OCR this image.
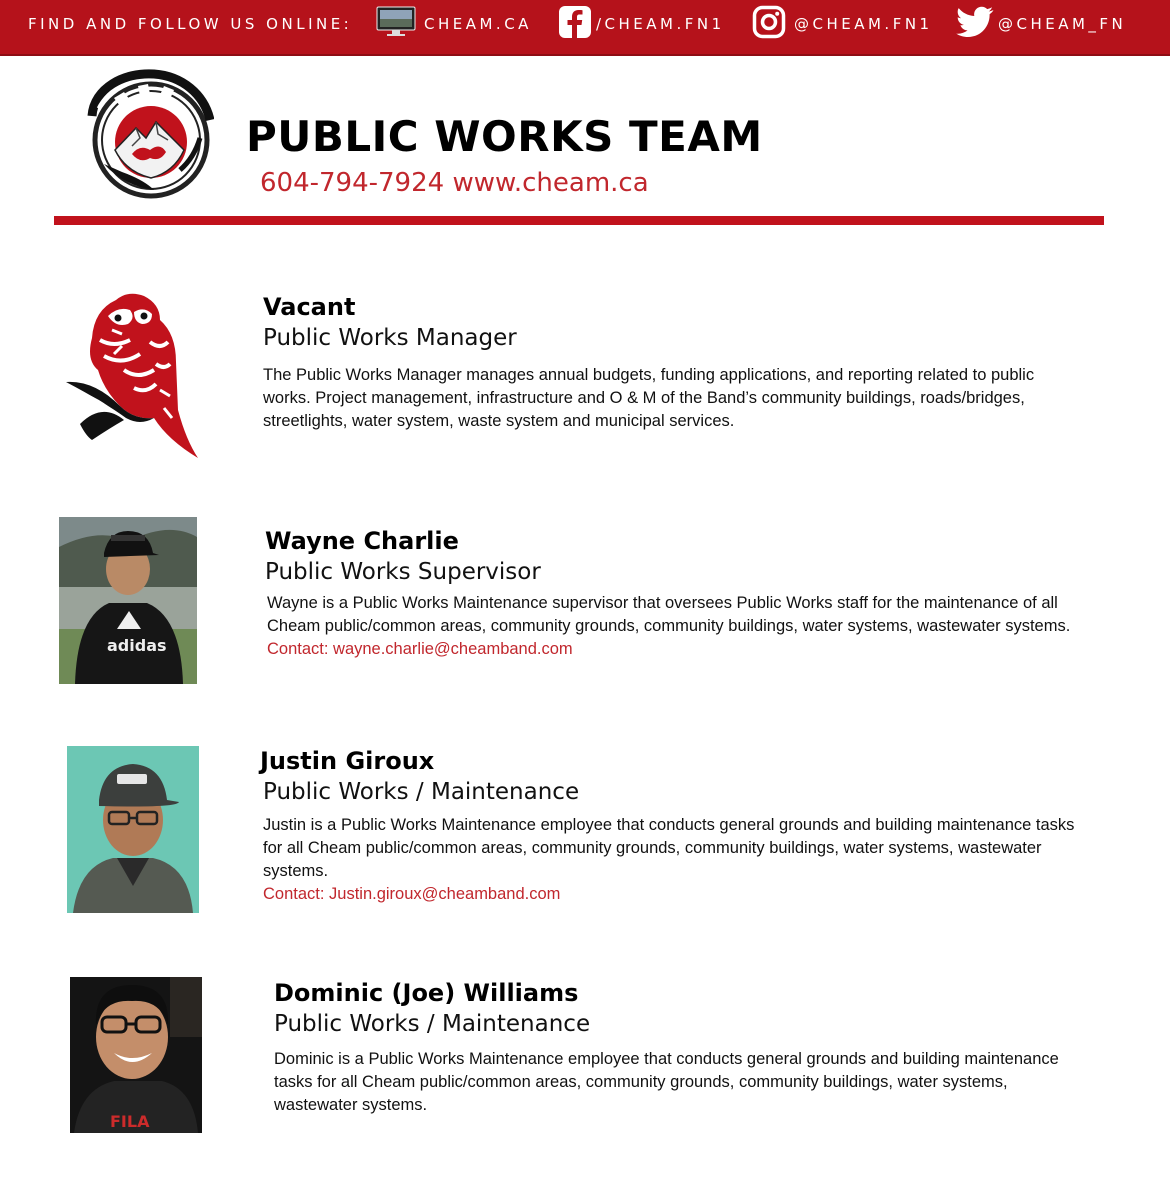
FIND AND FOLLOW US ONLINE:	CHEAM.CA	/CHEAM.FN1	@CHEAM.FN1	@CHEAM_FN
PUBLIC WORKS TEAM
604-794-7924 www.cheam.ca
Vacant
Public Works Manager
The Public Works Manager manages annual budgets, funding applications, and reporting related to public works. Project management, infrastructure and O & M of the Band’s community buildings, roads/bridges, streetlights, water system, waste system and municipal services.
adidas
Wayne Charlie
Public Works Supervisor
Wayne is a Public Works Maintenance supervisor that oversees Public Works staff for the maintenance of all Cheam public/common areas, community grounds, community buildings, water systems, wastewater systems.
Contact: wayne.charlie@cheamband.com
Justin Giroux
Public Works / Maintenance
Justin is a Public Works Maintenance employee that conducts general grounds and building maintenance tasks for all Cheam public/common areas, community grounds, community buildings, water systems, wastewater systems.
Contact: Justin.giroux@cheamband.com
FILA
Dominic (Joe) Williams
Public Works / Maintenance
Dominic is a Public Works Maintenance employee that conducts general grounds and building maintenance tasks for all Cheam public/common areas, community grounds, community buildings, water systems, wastewater systems.
